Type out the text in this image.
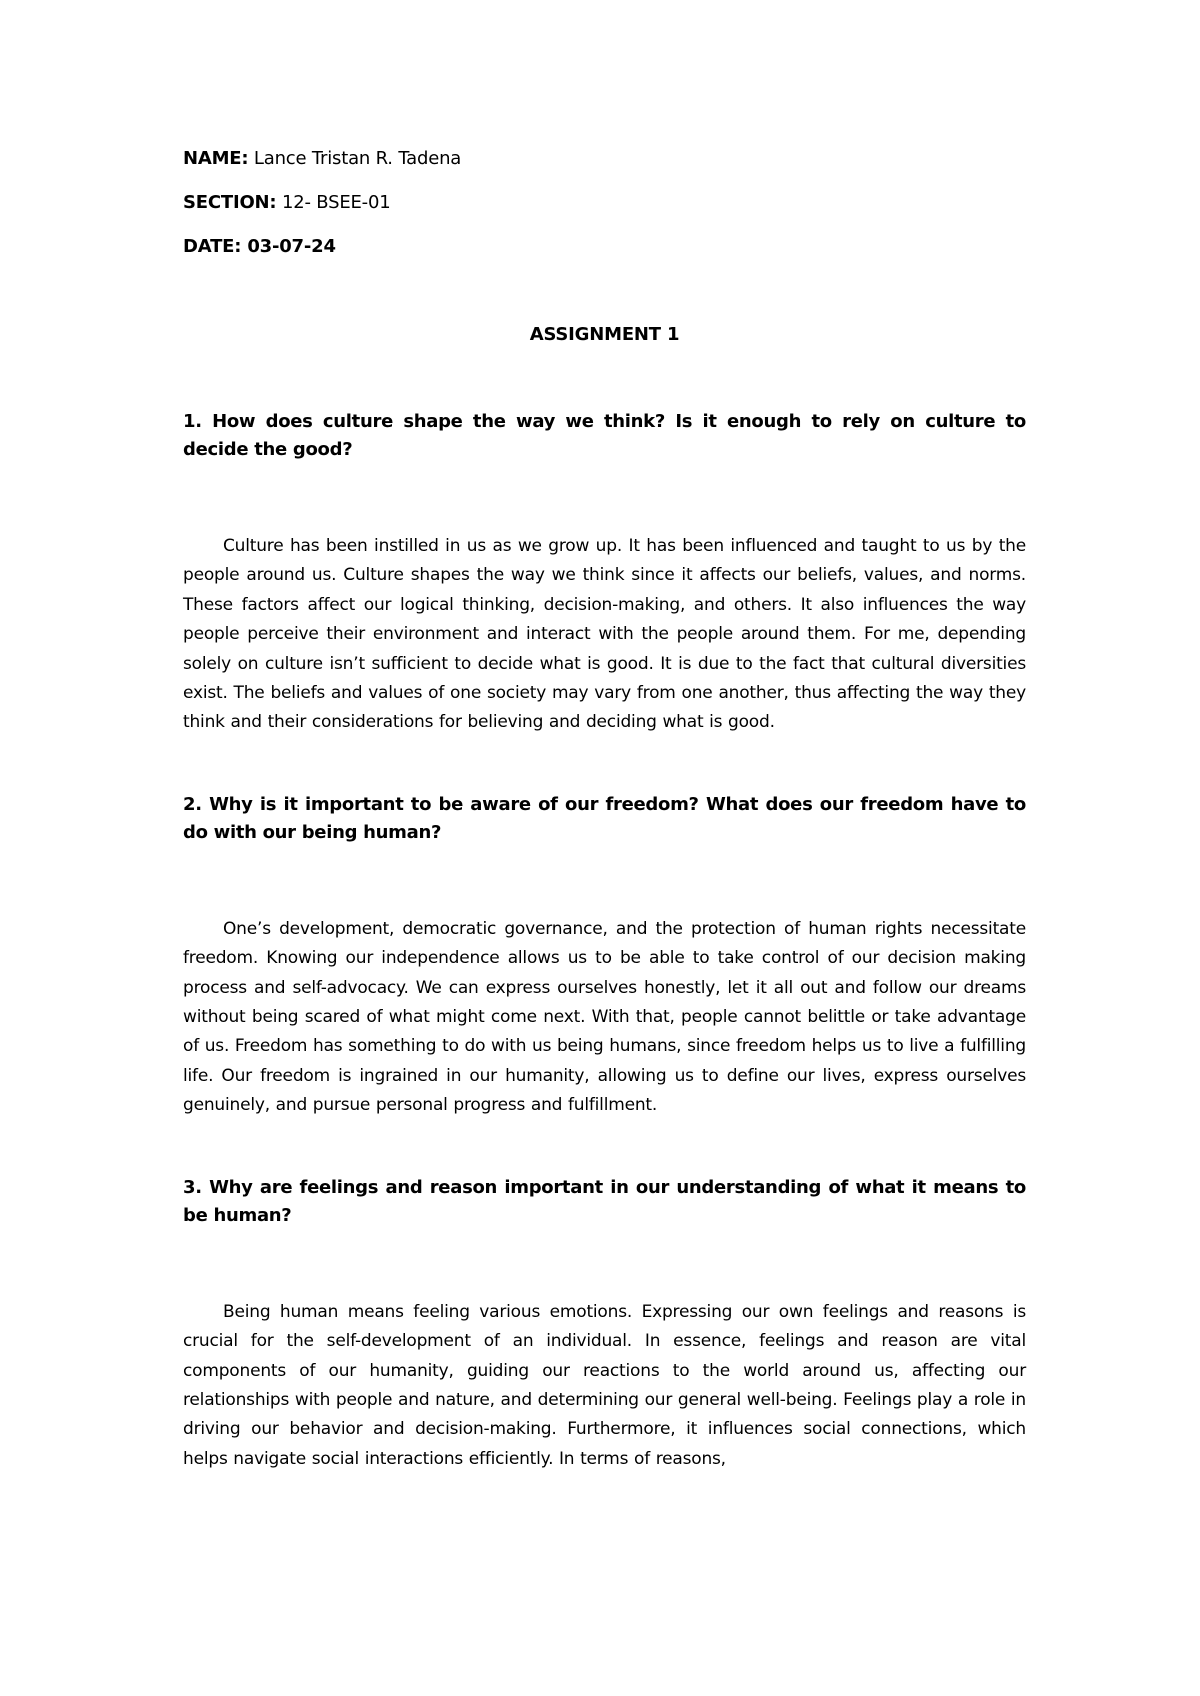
NAME: Lance Tristan R. Tadena

SECTION: 12- BSEE-01

DATE: 03-07-24

ASSIGNMENT 1

1. How does culture shape the way we think? Is it enough to rely on culture to decide the good?

Culture has been instilled in us as we grow up. It has been influenced and taught to us by the people around us. Culture shapes the way we think since it affects our beliefs, values, and norms. These factors affect our logical thinking, decision-making, and others. It also influences the way people perceive their environment and interact with the people around them. For me, depending solely on culture isn’t sufficient to decide what is good. It is due to the fact that cultural diversities exist. The beliefs and values of one society may vary from one another, thus affecting the way they think and their considerations for believing and deciding what is good.

2. Why is it important to be aware of our freedom? What does our freedom have to do with our being human?

One’s development, democratic governance, and the protection of human rights necessitate freedom. Knowing our independence allows us to be able to take control of our decision making process and self-advocacy. We can express ourselves honestly, let it all out and follow our dreams without being scared of what might come next. With that, people cannot belittle or take advantage of us. Freedom has something to do with us being humans, since freedom helps us to live a fulfilling life. Our freedom is ingrained in our humanity, allowing us to define our lives, express ourselves genuinely, and pursue personal progress and fulfillment.

3. Why are feelings and reason important in our understanding of what it means to be human?

Being human means feeling various emotions. Expressing our own feelings and reasons is crucial for the self-development of an individual. In essence, feelings and reason are vital components of our humanity, guiding our reactions to the world around us, affecting our relationships with people and nature, and determining our general well-being. Feelings play a role in driving our behavior and decision-making. Furthermore, it influences social connections, which helps navigate social interactions efficiently. In terms of reasons,
